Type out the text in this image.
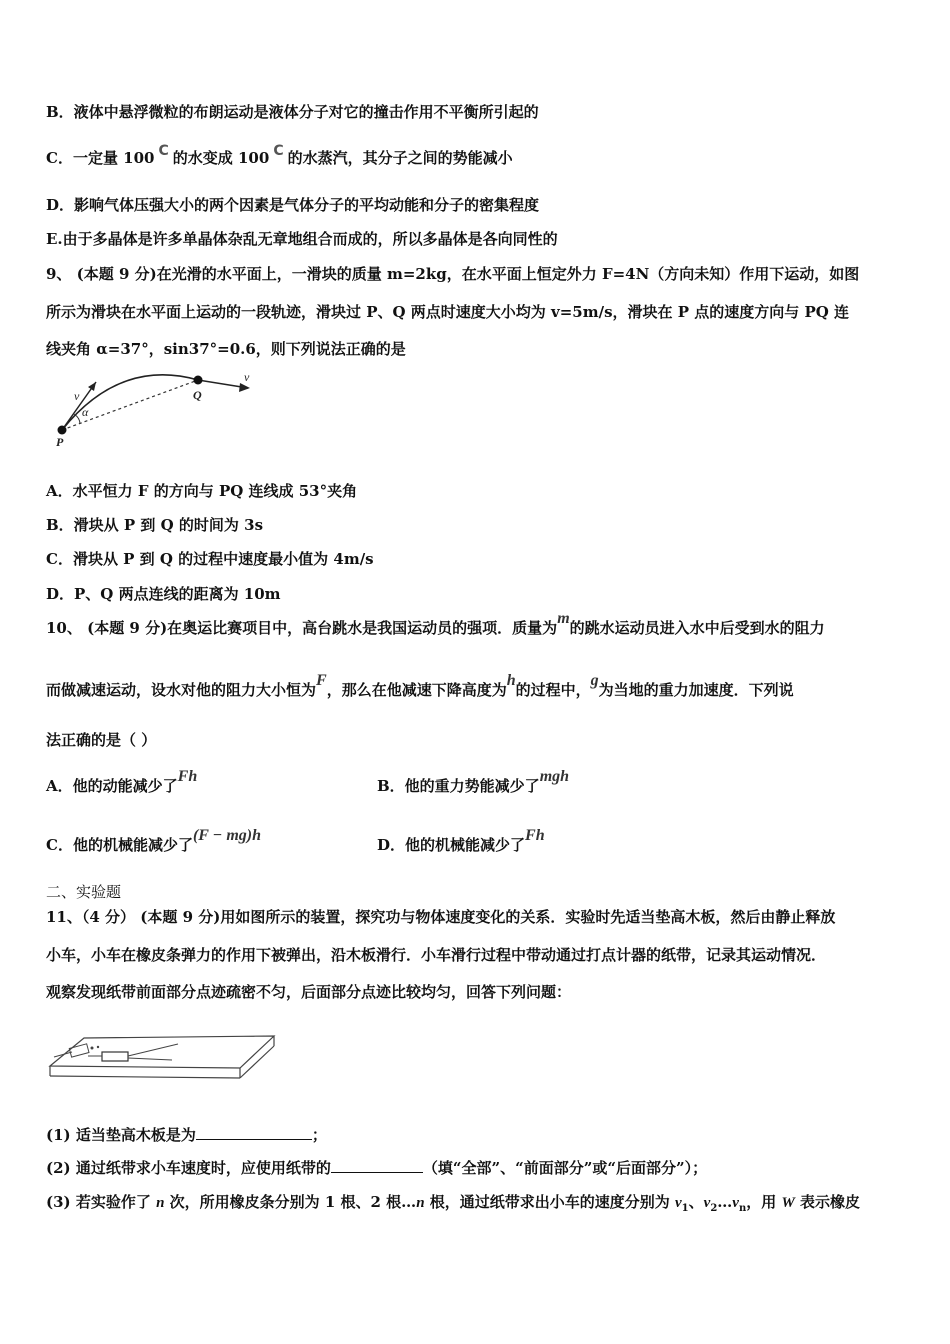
B．液体中悬浮微粒的布朗运动是液体分子对它的撞击作用不平衡所引起的
C．一定量 100 C 的水变成 100 C 的水蒸汽，其分子之间的势能减小
D．影响气体压强大小的两个因素是气体分子的平均动能和分子的密集程度
E.由于多晶体是许多单晶体杂乱无章地组合而成的，所以多晶体是各向同性的
9、 (本题 9 分)在光滑的水平面上，一滑块的质量 m=2kg，在水平面上恒定外力 F=4N（方向未知）作用下运动，如图
所示为滑块在水平面上运动的一段轨迹，滑块过 P、Q 两点时速度大小均为 v=5m/s，滑块在 P 点的速度方向与 PQ 连
线夹角 α=37°，sin37°=0.6，则下列说法正确的是
v
α
P
Q
v
A．水平恒力 F 的方向与 PQ 连线成 53°夹角
B．滑块从 P 到 Q 的时间为 3s
C．滑块从 P 到 Q 的过程中速度最小值为 4m/s
D．P、Q 两点连线的距离为 10m
10、 (本题 9 分)在奥运比赛项目中，高台跳水是我国运动员的强项．质量为m的跳水运动员进入水中后受到水的阻力
而做减速运动，设水对他的阻力大小恒为F，那么在他减速下降高度为h的过程中，g为当地的重力加速度．下列说
法正确的是（ ）
A．他的动能减少了Fh
B．他的重力势能减少了mgh
C．他的机械能减少了(F − mg)h
D．他的机械能减少了Fh
二、实验题
11、（4 分） (本题 9 分)用如图所示的装置，探究功与物体速度变化的关系．实验时先适当垫高木板，然后由静止释放
小车，小车在橡皮条弹力的作用下被弹出，沿木板滑行．小车滑行过程中带动通过打点计器的纸带，记录其运动情况．
观察发现纸带前面部分点迹疏密不匀，后面部分点迹比较均匀，回答下列问题：
(1) 适当垫高木板是为	；
(2) 通过纸带求小车速度时，应使用纸带的	（填“全部”、“前面部分”或“后面部分”）；
(3) 若实验作了 n 次，所用橡皮条分别为 1 根、2 根…n 根，通过纸带求出小车的速度分别为 $v_1$、$v_2\dots v_n$，用 W 表示橡皮
